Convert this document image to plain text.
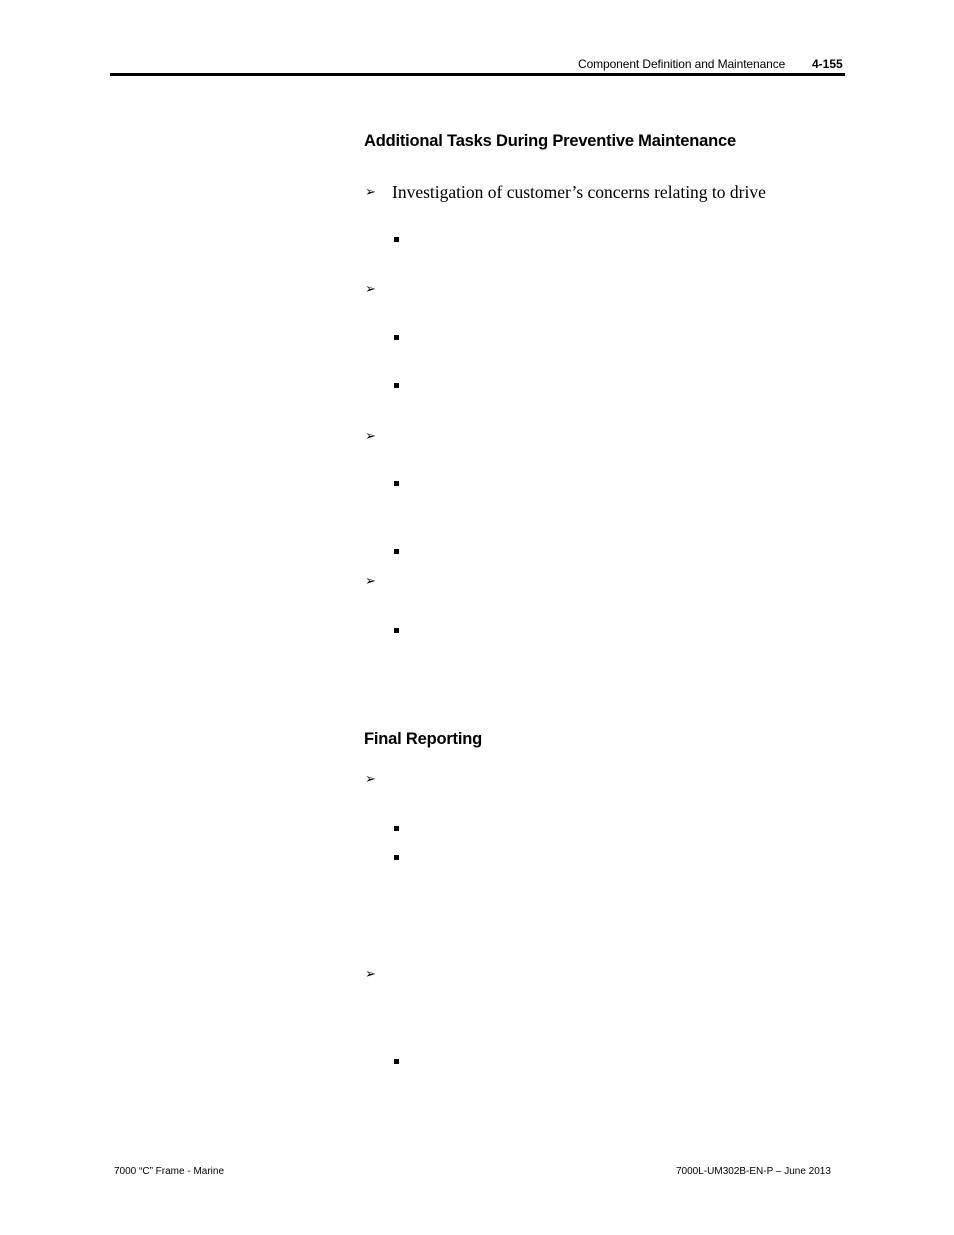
Component Definition and Maintenance 4-155
Additional Tasks During Preventive Maintenance
➢ Investigation of customer’s concerns relating to drive
➢
➢
➢
Final Reporting
➢
➢
7000 “C” Frame - Marine	7000L-UM302B-EN-P – June 2013
